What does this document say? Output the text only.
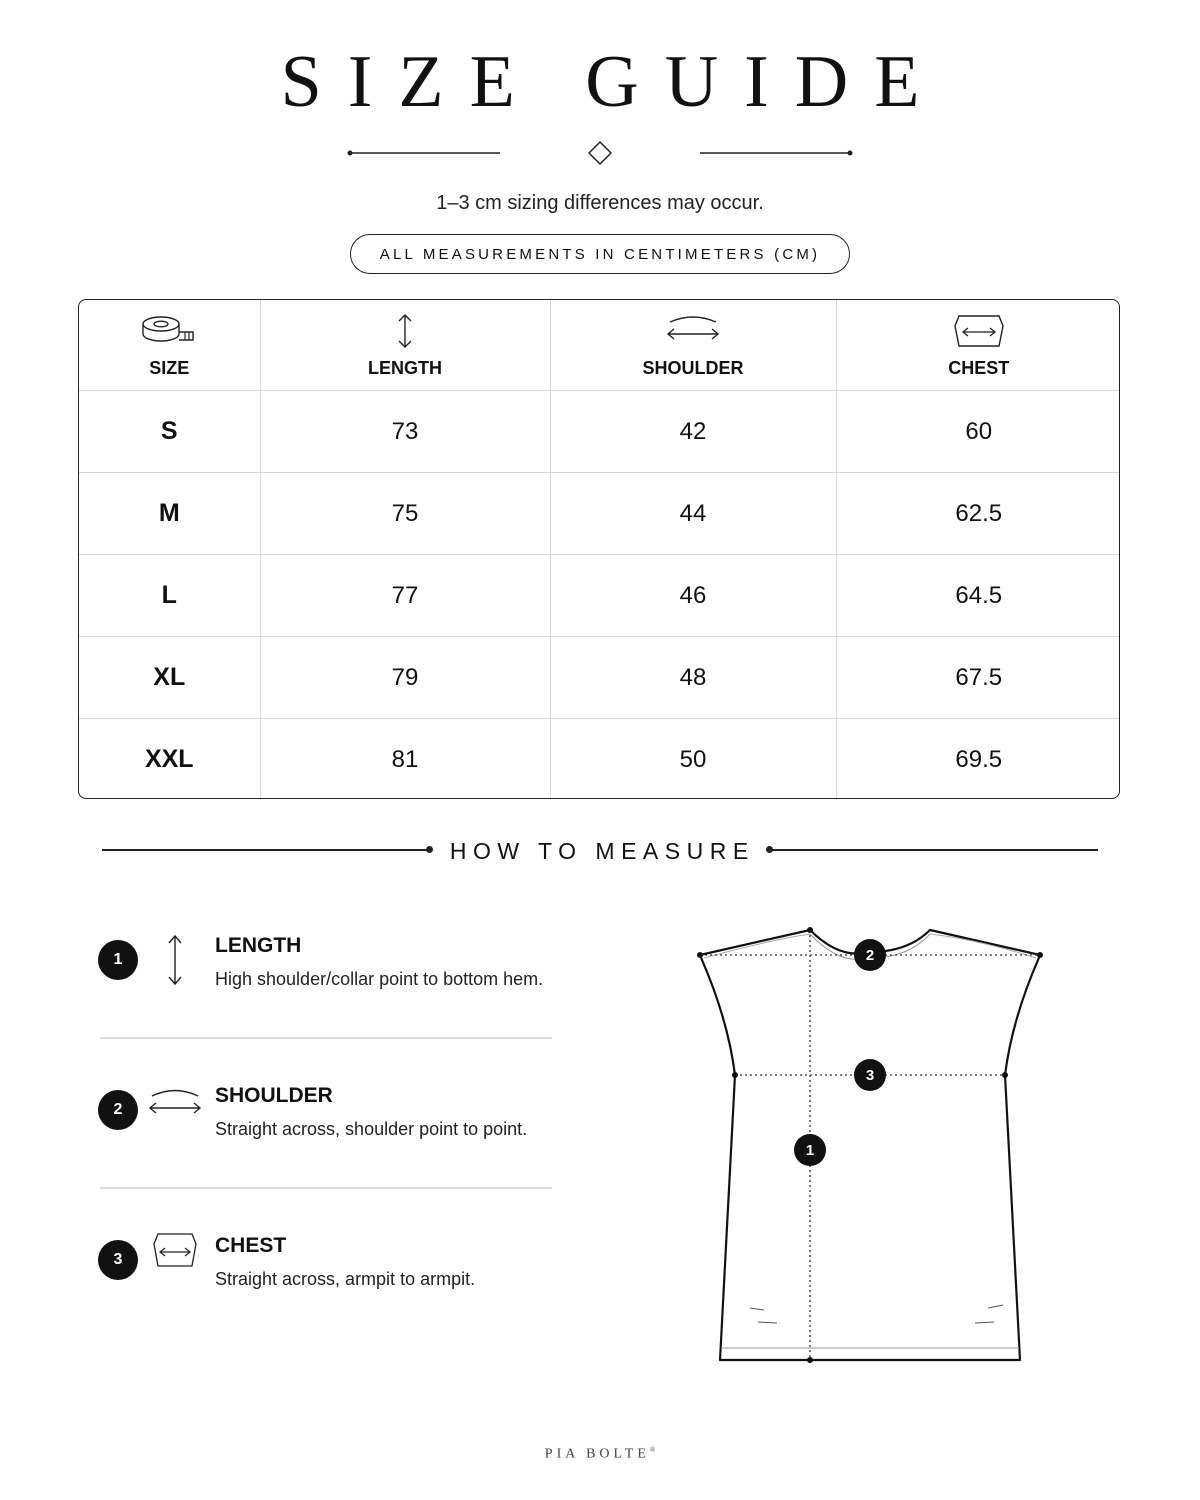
SIZE GUIDE
1–3 cm sizing differences may occur.
ALL MEASUREMENTS IN CENTIMETERS (CM)
SIZE	LENGTH	SHOULDER	CHEST

S	73	42	60
M	75	44	62.5
L	77	46	64.5
XL	79	48	67.5
XXL	81	50	69.5
HOW TO MEASURE
1
LENGTH
High shoulder/collar point to bottom hem.
2
SHOULDER
Straight across, shoulder point to point.
3
CHEST
Straight across, armpit to armpit.
2
3
1
PIA BOLTE®
